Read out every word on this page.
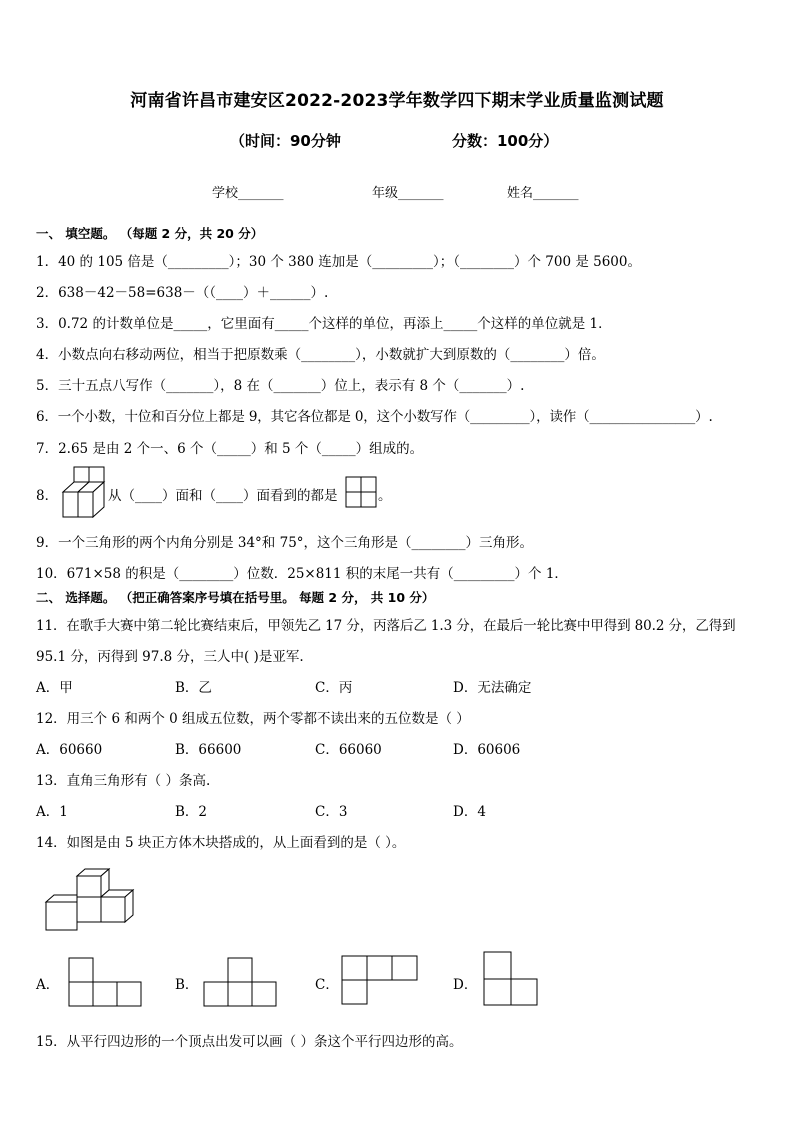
河南省许昌市建安区2022-2023学年数学四下期末学业质量监测试题
（时间：90分钟	分数：100分）
学校_______	年级_______	姓名_______
一、 填空题。 （每题 2 分，共 20 分）
1．40 的 105 倍是（_________）；30 个 380 连加是（_________）；（________）个 700 是 5600。
2．638－42－58=638－（（____）＋______）.
3．0.72 的计数单位是_____，它里面有_____个这样的单位，再添上_____个这样的单位就是 1．
4．小数点向右移动两位，相当于把原数乘（________），小数就扩大到原数的（________）倍。
5．三十五点八写作（_______），8 在（_______）位上，表示有 8 个（_______）.
6．一个小数，十位和百分位上都是 9，其它各位都是 0，这个小数写作（_________），读作（________________）.
7．2.65 是由 2 个一、6 个（_____）和 5 个（_____）组成的。
8．	从（____）面和（____）面看到的都是	。
9．一个三角形的两个内角分别是 34°和 75°，这个三角形是（________）三角形。
10．671×58 的积是（________）位数．25×811 积的末尾一共有（_________）个 1．
二、 选择题。 （把正确答案序号填在括号里。 每题 2 分， 共 10 分）
11．在歌手大赛中第二轮比赛结束后，甲领先乙 17 分，丙落后乙 1.3 分，在最后一轮比赛中甲得到 80.2 分，乙得到
95.1 分，丙得到 97.8 分，三人中( )是亚军.
A．甲	B．乙	C．丙	D．无法确定
12．用三个 6 和两个 0 组成五位数，两个零都不读出来的五位数是（ ）
A．60660	B．66600	C．66060	D．60606
13．直角三角形有（ ）条高.
A．1	B．2	C．3	D．4
14．如图是由 5 块正方体木块搭成的，从上面看到的是（ ）。
A．	B．	C．	D．
15．从平行四边形的一个顶点出发可以画（ ）条这个平行四边形的高。
